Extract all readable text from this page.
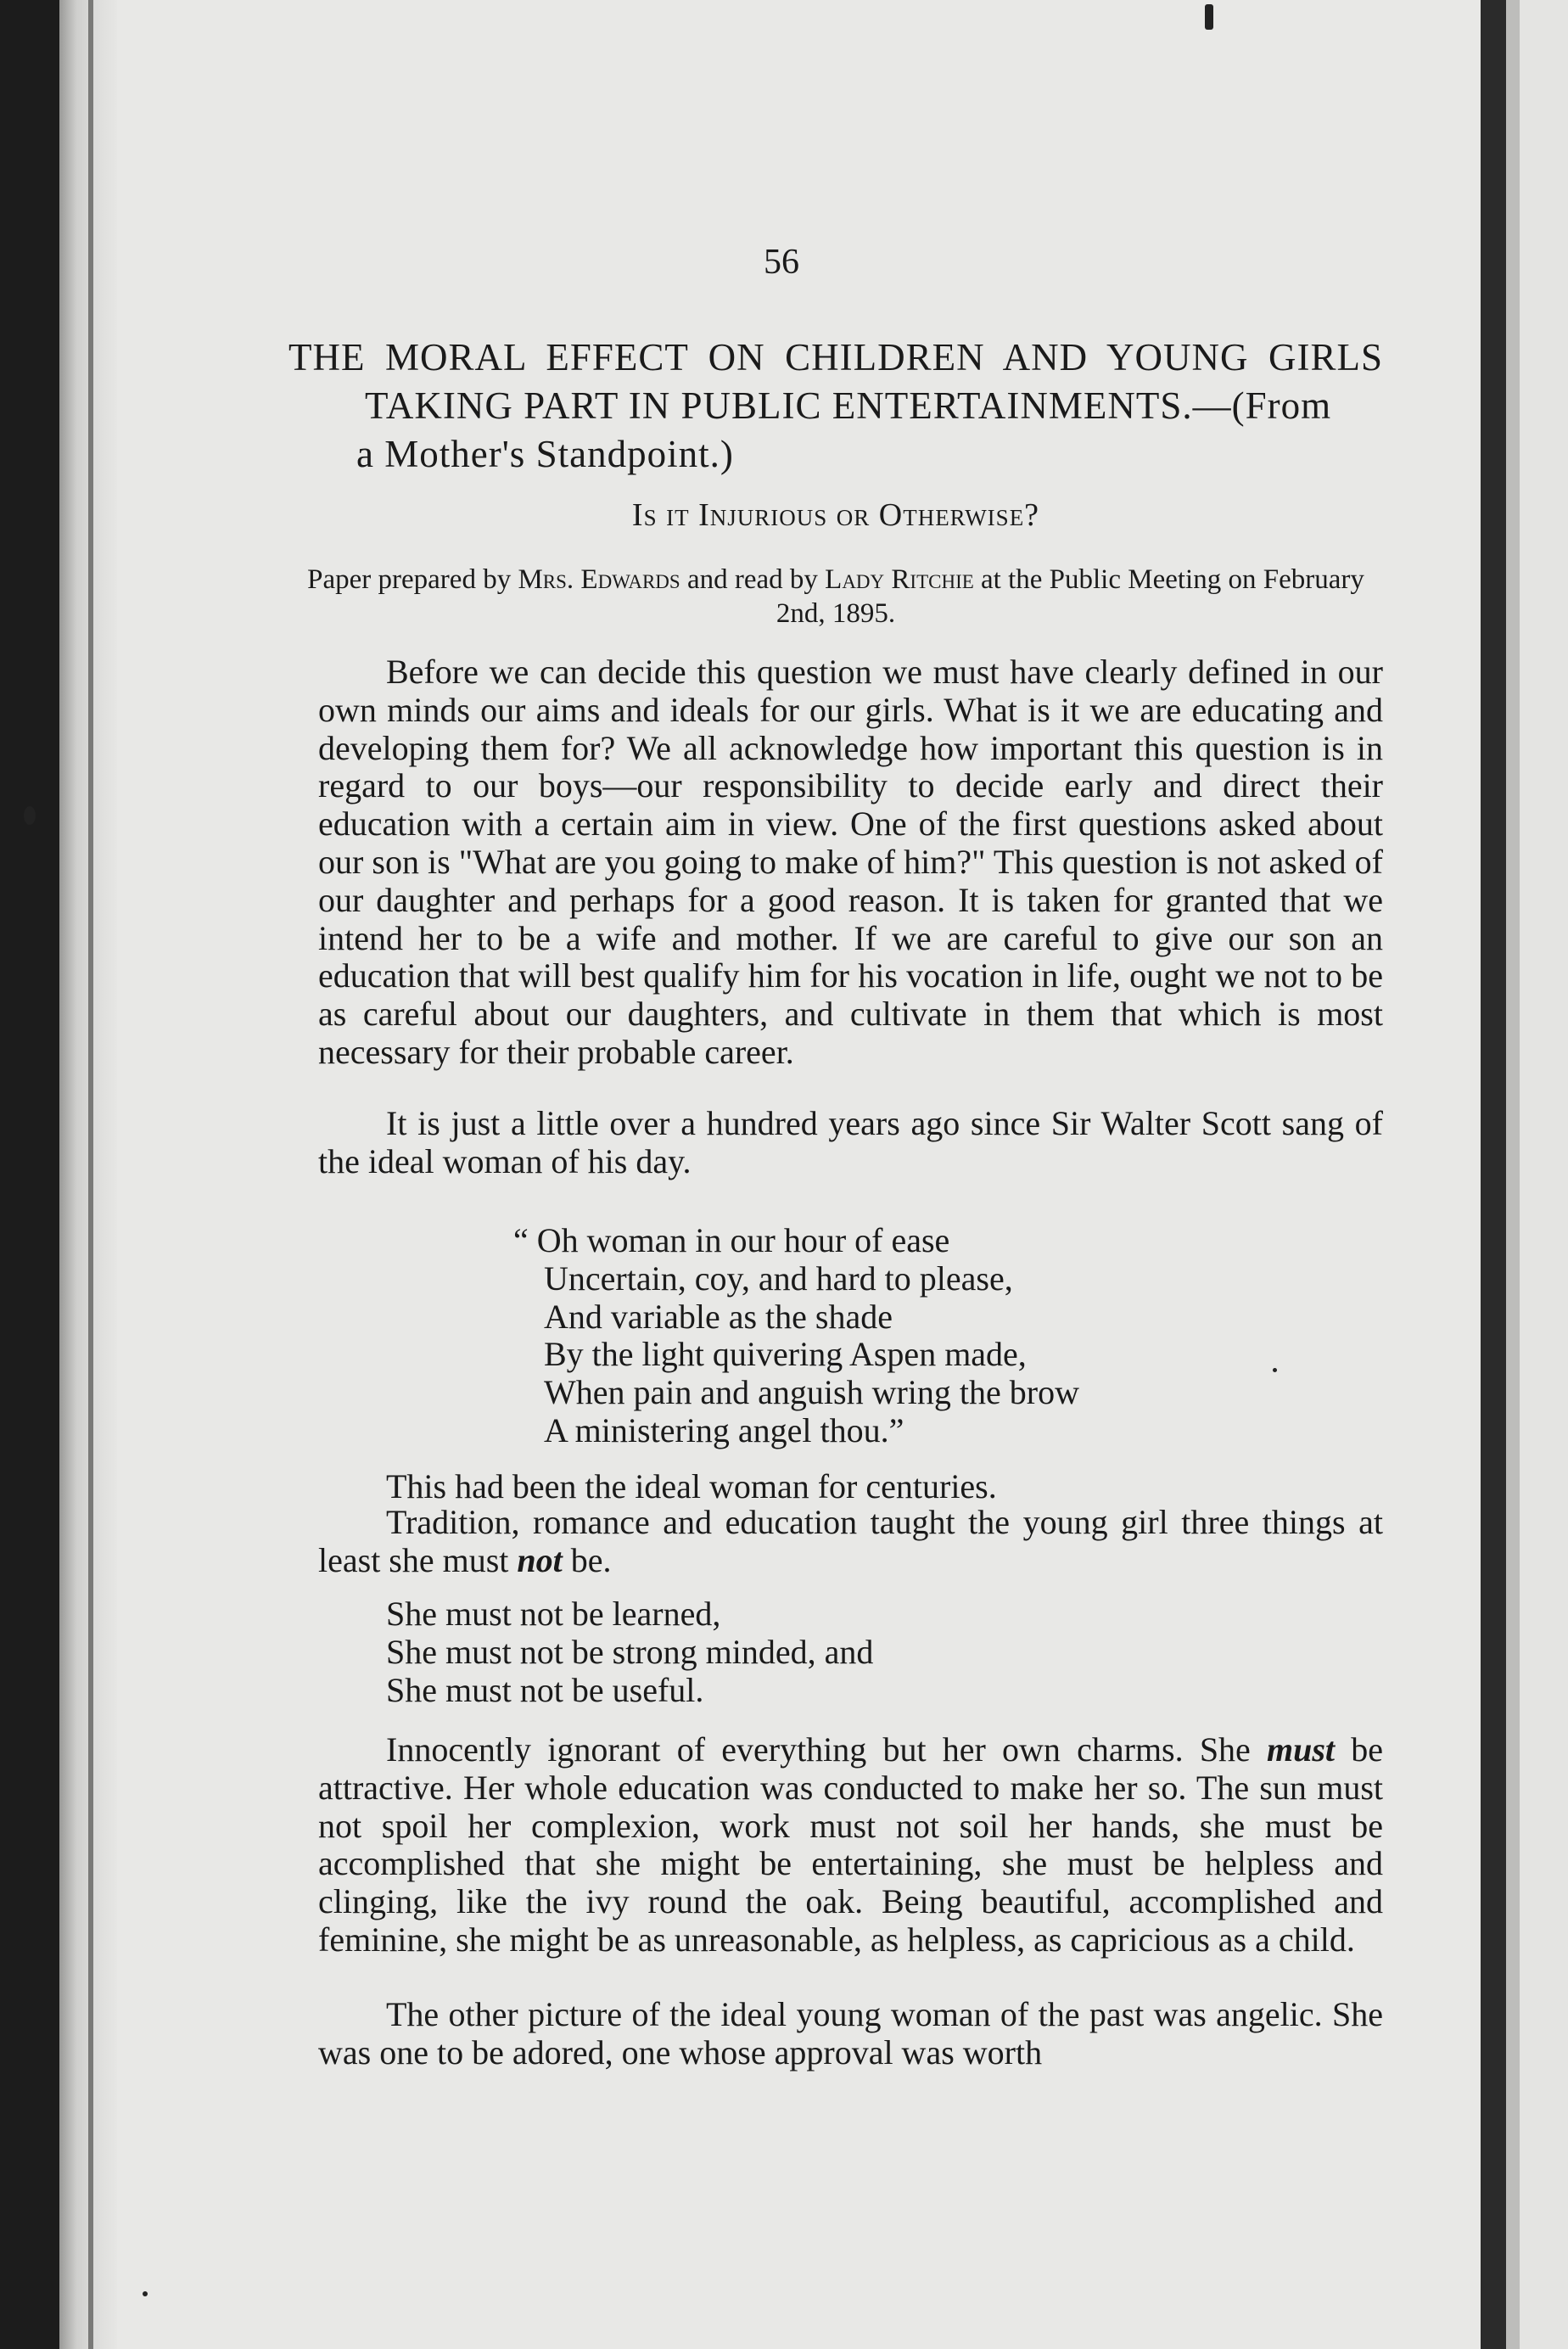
56
THE MORAL EFFECT ON CHILDREN AND YOUNG GIRLS
TAKING PART IN PUBLIC ENTERTAINMENTS.—(From
a Mother's Standpoint.)
Is it Injurious or Otherwise?
Paper prepared by Mrs. Edwards and read by Lady Ritchie at the Public Meeting on February 2nd, 1895.
Before we can decide this question we must have clearly defined in our own minds our aims and ideals for our girls. What is it we are educating and developing them for? We all acknowledge how important this question is in regard to our boys—our responsibility to decide early and direct their education with a certain aim in view. One of the first questions asked about our son is "What are you going to make of him?" This question is not asked of our daughter and perhaps for a good reason. It is taken for granted that we intend her to be a wife and mother. If we are careful to give our son an education that will best qualify him for his vocation in life, ought we not to be as careful about our daughters, and cultivate in them that which is most necessary for their probable career.
It is just a little over a hundred years ago since Sir Walter Scott sang of the ideal woman of his day.
“ Oh woman in our hour of ease
Uncertain, coy, and hard to please,
And variable as the shade
By the light quivering Aspen made,
When pain and anguish wring the brow
A ministering angel thou.”
This had been the ideal woman for centuries.
Tradition, romance and education taught the young girl three things at least she must not be.
She must not be learned,
She must not be strong minded, and
She must not be useful.
Innocently ignorant of everything but her own charms. She must be attractive. Her whole education was conducted to make her so. The sun must not spoil her complexion, work must not soil her hands, she must be accomplished that she might be entertaining, she must be helpless and clinging, like the ivy round the oak. Being beautiful, accomplished and feminine, she might be as unreasonable, as helpless, as capricious as a child.
The other picture of the ideal young woman of the past was angelic. She was one to be adored, one whose approval was worth
